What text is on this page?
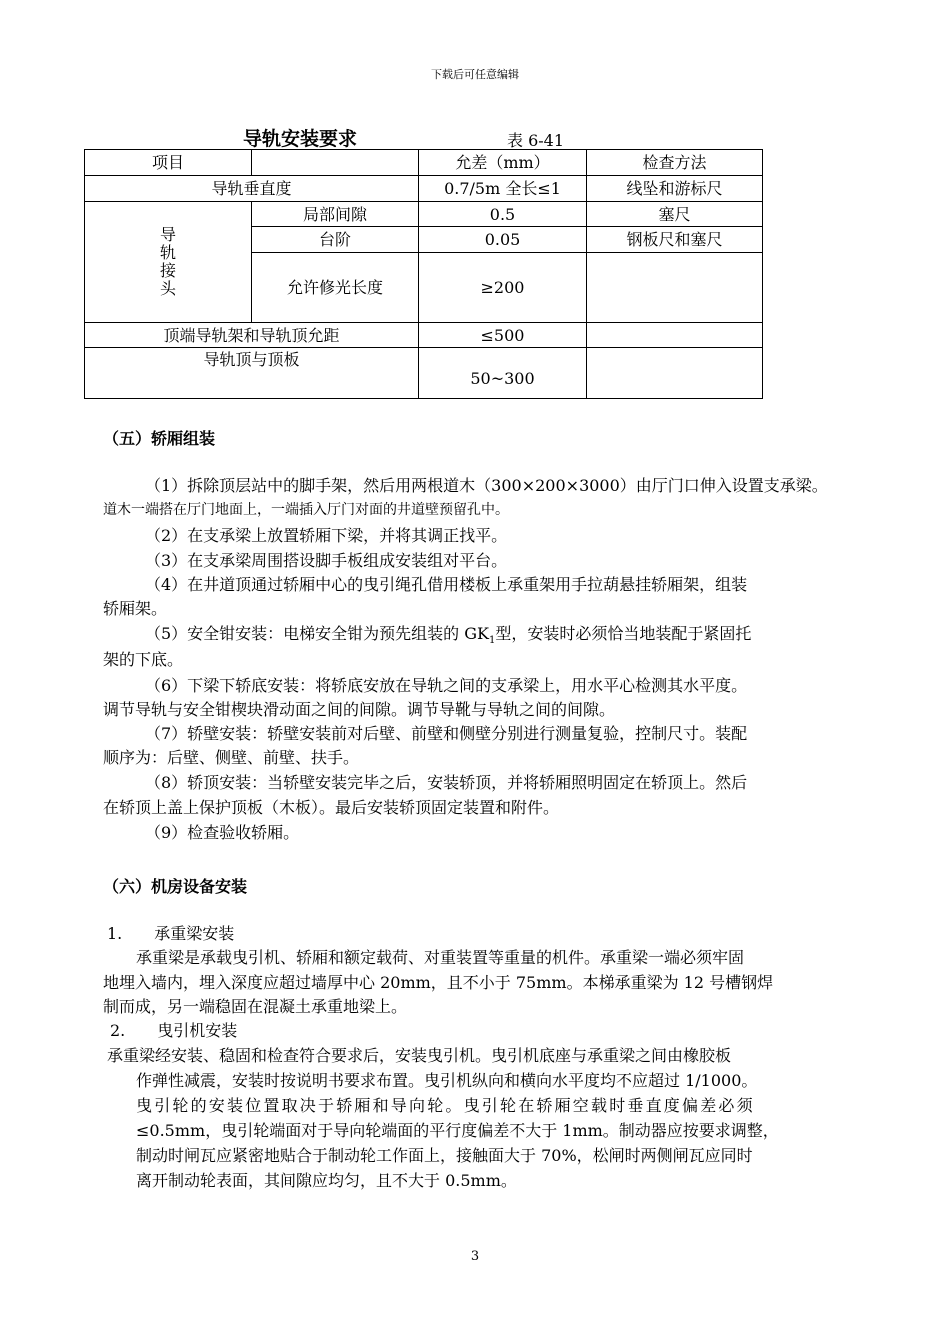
下载后可任意编辑
导轨安装要求	表 6-41
项目		允差（mm）	检查方法
导轨垂直度		0.7/5m 全长≤1	线坠和游标尺

导
轨
接
头	局部间隙	0.5	塞尺
	台阶	0.05	钢板尺和塞尺
	允许修光长度	≥200	
顶端导轨架和导轨顶允距		≤500	
导轨顶与顶板		50~300	
（五）轿厢组装
（1）拆除顶层站中的脚手架，然后用两根道木（300×200×3000）由厅门口伸入设置支承梁。
道木一端搭在厅门地面上，一端插入厅门对面的井道壁预留孔中。
（2）在支承梁上放置轿厢下梁，并将其调正找平。
（3）在支承梁周围搭设脚手板组成安装组对平台。
（4）在井道顶通过轿厢中心的曳引绳孔借用楼板上承重架用手拉葫悬挂轿厢架，组装
轿厢架。
（5）安全钳安装：电梯安全钳为预先组装的 $GK_1$型，安装时必须恰当地装配于紧固托
架的下底。
（6）下梁下轿底安装：将轿底安放在导轨之间的支承梁上，用水平心检测其水平度。
调节导轨与安全钳楔块滑动面之间的间隙。调节导靴与导轨之间的间隙。
（7）轿壁安装：轿壁安装前对后壁、前壁和侧壁分别进行测量复验，控制尺寸。装配
顺序为：后壁、侧壁、前壁、扶手。
（8）轿顶安装：当轿壁安装完毕之后，安装轿顶，并将轿厢照明固定在轿顶上。然后
在轿顶上盖上保护顶板（木板）。最后安装轿顶固定装置和附件。
（9）检查验收轿厢。
（六）机房设备安装
1.　　承重梁安装
承重梁是承载曳引机、轿厢和额定载荷、对重装置等重量的机件。承重梁一端必须牢固
地埋入墙内，埋入深度应超过墙厚中心 20mm，且不小于 75mm。本梯承重梁为 12 号槽钢焊
制而成，另一端稳固在混凝土承重地梁上。
2.　　曳引机安装
承重梁经安装、稳固和检查符合要求后，安装曳引机。曳引机底座与承重梁之间由橡胶板
作弹性减震，安装时按说明书要求布置。曳引机纵向和横向水平度均不应超过 1/1000。
曳引轮的安装位置取决于轿厢和导向轮。曳引轮在轿厢空载时垂直度偏差必须
≤0.5mm，曳引轮端面对于导向轮端面的平行度偏差不大于 1mm。制动器应按要求调整，
制动时闸瓦应紧密地贴合于制动轮工作面上，接触面大于 70%，松闸时两侧闸瓦应同时
离开制动轮表面，其间隙应均匀，且不大于 0.5mm。
3
